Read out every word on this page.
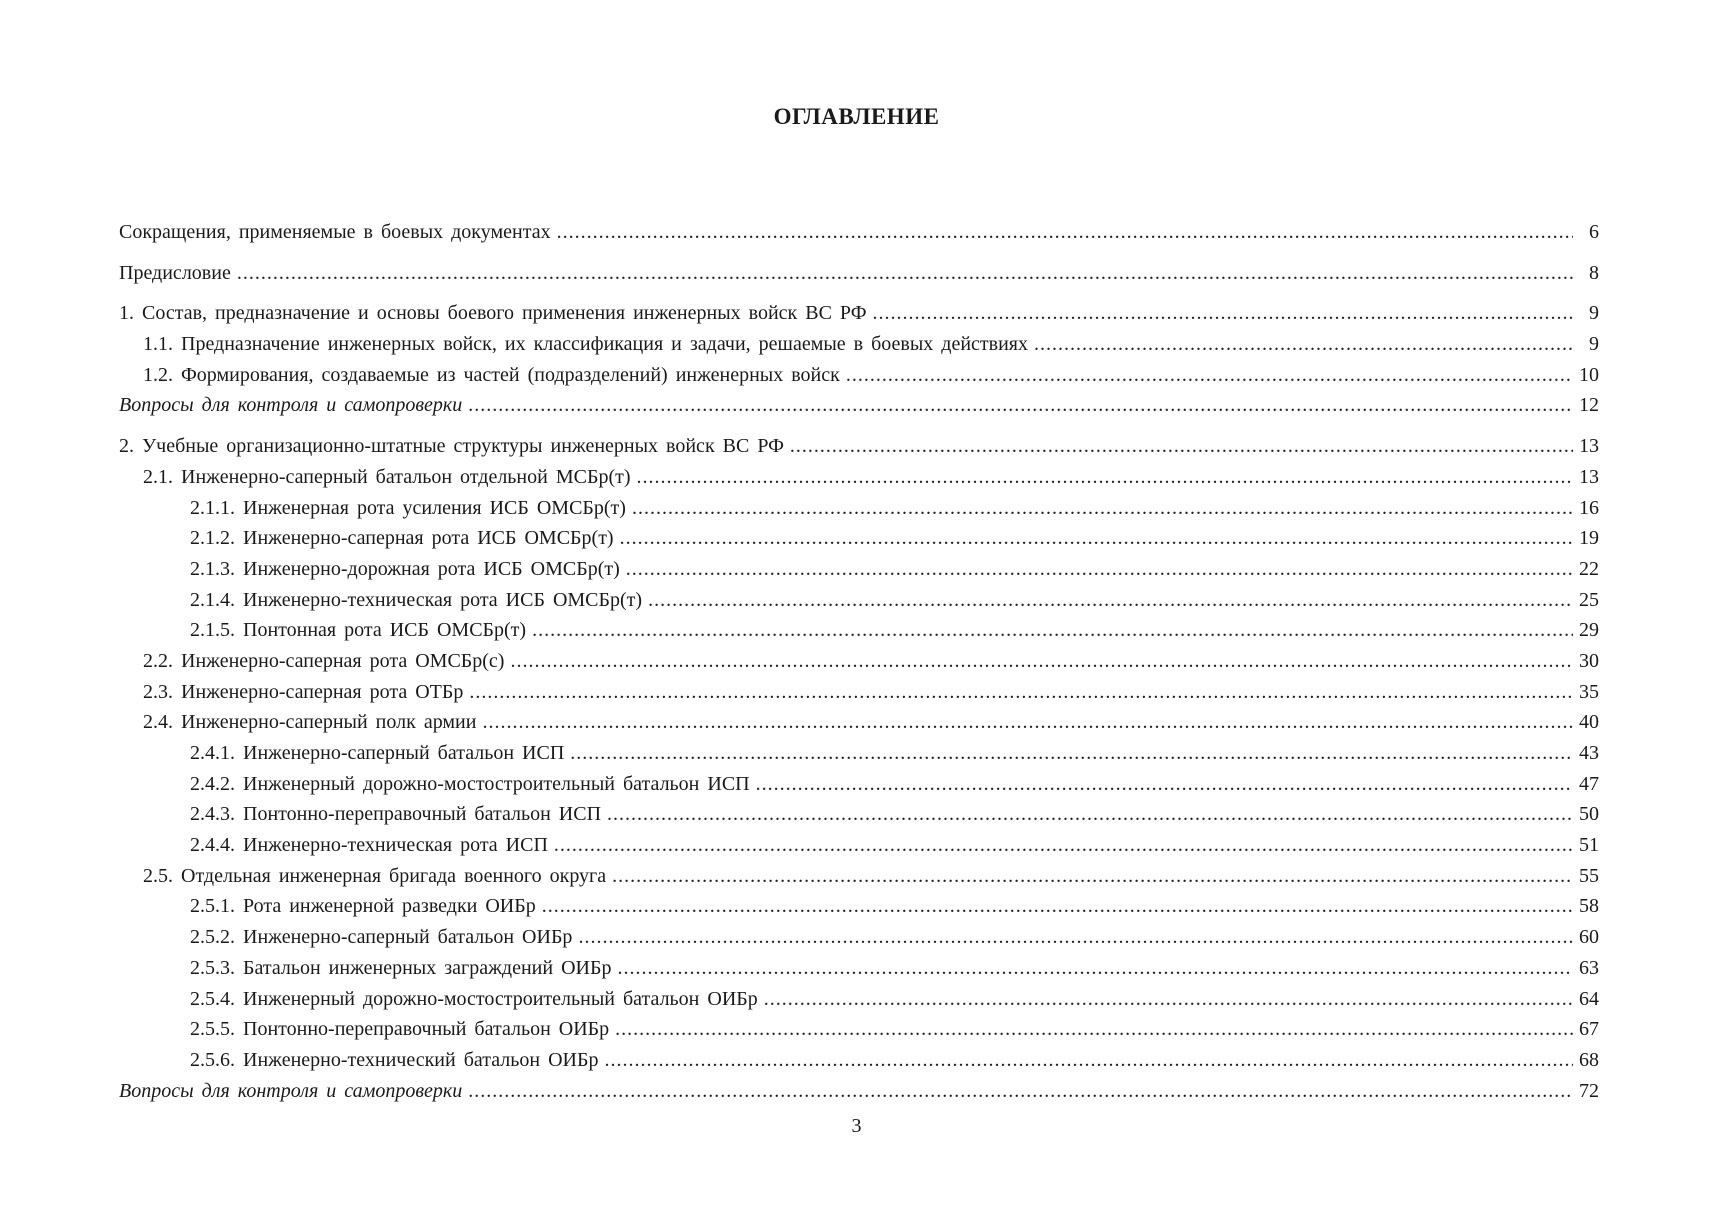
ОГЛАВЛЕНИЕ
Сокращения, применяемые в боевых документах .....	6
Предисловие .....	8
1. Состав, предназначение и основы боевого применения инженерных войск ВС РФ .....	9
1.1. Предназначение инженерных войск, их классификация и задачи, решаемые в боевых действиях .....	9
1.2. Формирования, создаваемые из частей (подразделений) инженерных войск .....	10
Вопросы для контроля и самопроверки .....	12
2. Учебные организационно-штатные структуры инженерных войск ВС РФ .....	13
2.1. Инженерно-саперный батальон отдельной МСБр(т) .....	13
2.1.1. Инженерная рота усиления ИСБ ОМСБр(т) .....	16
2.1.2. Инженерно-саперная рота ИСБ ОМСБр(т) .....	19
2.1.3. Инженерно-дорожная рота ИСБ ОМСБр(т) .....	22
2.1.4. Инженерно-техническая рота ИСБ ОМСБр(т) .....	25
2.1.5. Понтонная рота ИСБ ОМСБр(т) .....	29
2.2. Инженерно-саперная рота ОМСБр(с) .....	30
2.3. Инженерно-саперная рота ОТБр .....	35
2.4. Инженерно-саперный полк армии .....	40
2.4.1. Инженерно-саперный батальон ИСП .....	43
2.4.2. Инженерный дорожно-мостостроительный батальон ИСП .....	47
2.4.3. Понтонно-переправочный батальон ИСП .....	50
2.4.4. Инженерно-техническая рота ИСП .....	51
2.5. Отдельная инженерная бригада военного округа .....	55
2.5.1. Рота инженерной разведки ОИБр .....	58
2.5.2. Инженерно-саперный батальон ОИБр .....	60
2.5.3. Батальон инженерных заграждений ОИБр .....	63
2.5.4. Инженерный дорожно-мостостроительный батальон ОИБр .....	64
2.5.5. Понтонно-переправочный батальон ОИБр .....	67
2.5.6. Инженерно-технический батальон ОИБр .....	68
Вопросы для контроля и самопроверки .....	72
3
